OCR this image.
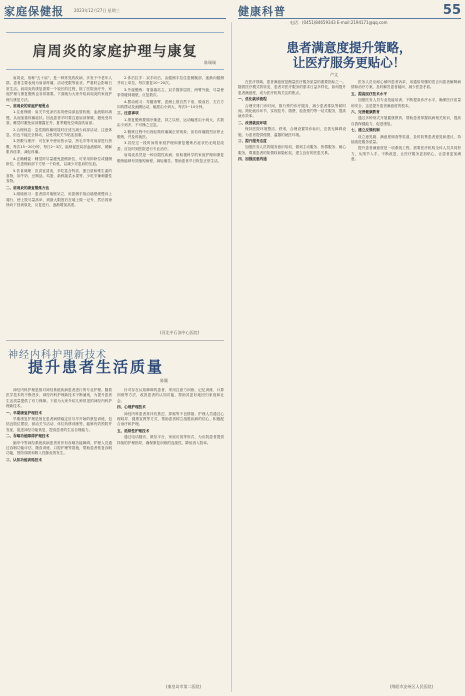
家庭保健报	2023年12月27日 星期三	健康科普	55
电话：(0451)84659343 E-mail:2194171@qq.com
肩周炎的家庭护理与康复
陈瑞瑞

肩周炎，俗称"五十肩"，是一种常见的疾病，多发于中老年人群。患者主要表现为肩部疼痛、活动受限等症状，严重时会影响日常生活。肩周炎的康复需要一个较长的过程，除了医院治疗外，家庭护理与康复锻炼也非常重要。下面就为大家介绍肩周炎的家庭护理与康复方法。

一、肩周炎的家庭护理要点

1.注意保暖：肩关节受凉后容易使局部血管收缩、血液循环减慢，从而加重疼痛症状。因此患者平时要注意肩部保暖，避免受风寒，睡觉时避免肩部暴露在外，夏季避免空调直吹肩部。

2.合理休息：急性期疼痛明显时应适当减少肩部活动，注意休息，但也不能完全制动，以免导致关节粘连加重。

3.热敷与理疗：可在家中使用热水袋、热毛巾等对肩部进行热敷，每次15~20分钟，每日2~3次，能够促进局部血液循环，缓解肌肉痉挛，减轻疼痛。

4.正确睡姿：睡觉时尽量避免患侧卧位，可采用仰卧位或健侧卧位，在患侧肩部下方垫一个软枕，以减少对患肩的压迫。

5.饮食调理：饮食宜清淡，多吃富含钙质、蛋白质和维生素的食物，如牛奶、豆制品、鸡蛋、新鲜蔬菜水果等，少吃辛辣刺激性食物。

二、肩周炎的康复锻炼方法

1.爬墙练习：患者面对墙壁站立，用患侧手指沿墙壁缓慢向上爬行，使上肢尽量高举，到最大限度后在墙上做一记号，然后再徐徐向下回到原处，反复进行，逐渐增加高度。

2.体后拉手：双手向后，由健侧手拉住患侧腕部，逐渐向健侧并向上牵拉，每次重复10~20次。

3.外旋锻炼：背靠墙站立，双手握拳屈肘，两臂外旋，尽量使拳背碰到墙壁，反复数次。

4.摆动练习：弯腰垂臂，患侧上肢自然下垂，做前后、左右方向的摆动及画圈运动，幅度由小到大，每次5~10分钟。

三、注意事项

1.康复锻炼要循序渐进，持之以恒，运动幅度由小到大，次数由少到多，不可操之过急。

2.锻炼过程中出现轻微疼痛属正常现象，但若疼痛剧烈应停止锻炼，并及时就医。

3.若经过一段时间的家庭护理和康复锻炼后症状仍无明显改善，应及时到医院进行专业治疗。

肩周炎虽然是一种自限性疾病，但积极科学的家庭护理和康复锻炼能够有效缩短病程，减轻痛苦，帮助患者早日恢复正常生活。

(河北中石油中心医院)
神经内科护理新技术
提升患者生活质量
陈颖

神经内科护理是指对神经系统疾病患者进行的专业护理。随着医学技术的不断进步，神经内科护理新技术不断涌现，为提升患者生活质量提供了有力保障。下面为大家介绍几种常见的神经内科护理新技术。

一、早期康复护理技术

早期康复护理是指在患者病情稳定后尽早开始的康复训练，包括良肢位摆放、被动关节活动、体位转移训练等，能够有效预防并发症，促进神经功能恢复，提高患者的生活自理能力。

二、吞咽功能障碍护理技术

脑卒中等神经系统疾病患者常伴有吞咽功能障碍，护理人员通过吞咽功能评估、摄食训练、口腔护理等措施，帮助患者恢复吞咽功能，预防误吸和吸入性肺炎的发生。

三、认知功能训练技术

针对存在认知障碍的患者，采用注意力训练、记忆训练、计算训练等方法，改善患者的认知功能，帮助其更好地回归家庭和社会。

四、心理护理技术

神经内科患者常伴有焦虑、抑郁等不良情绪，护理人员通过心理疏导、健康宣教等方式，帮助患者树立战胜疾病的信心，积极配合治疗和护理。

五、延续性护理技术

通过电话随访、微信平台、家庭访视等形式，为出院患者提供持续的护理指导，确保康复训练的连续性，降低再入院率。

(秦皇岛市第二医院)
患者满意度提升策略，
让医疗服务更贴心！
卢文

在医疗领域，患者满意度是衡量医疗服务质量的重要指标之一。随着医疗模式的转变，患者对医疗服务的需求日益多样化，如何提升患者满意度，成为医疗机构关注的焦点。

一、优化就诊流程

合理安排门诊时间，推行预约诊疗服务，减少患者排队等候时间。简化就诊环节，实现挂号、缴费、检查预约等一站式服务，提高就诊效率。

二、改善就医环境

保持医院环境整洁、舒适，合理设置导诊标识，完善无障碍设施，为患者提供便捷、温馨的就医环境。

三、提升服务态度

加强医务人员的服务意识培训，做到主动服务、热情服务、耐心服务，尊重患者的知情权和隐私权，建立良好的医患关系。

四、加强医患沟通

医务人员应耐心倾听患者诉求，用通俗易懂的语言向患者解释病情和治疗方案，及时解答患者疑问，减少医患矛盾。

五、提高医疗技术水平

加强医务人员专业技能培训，不断提高诊疗水平，确保医疗质量和安全，这是提升患者满意度的根本。

六、完善健康教育

通过多种形式开展健康教育，帮助患者掌握疾病相关知识，提高自我保健能力，促进康复。

七、建立反馈机制

设立意见箱、满意度调查等渠道，及时收集患者意见和建议，持续改进服务质量。

提升患者满意度是一项系统工程，需要医疗机构全体人员共同努力，从细节入手，不断改进，让医疗服务更加贴心，让患者更加满意。

(绵阳市安州区人民医院)
